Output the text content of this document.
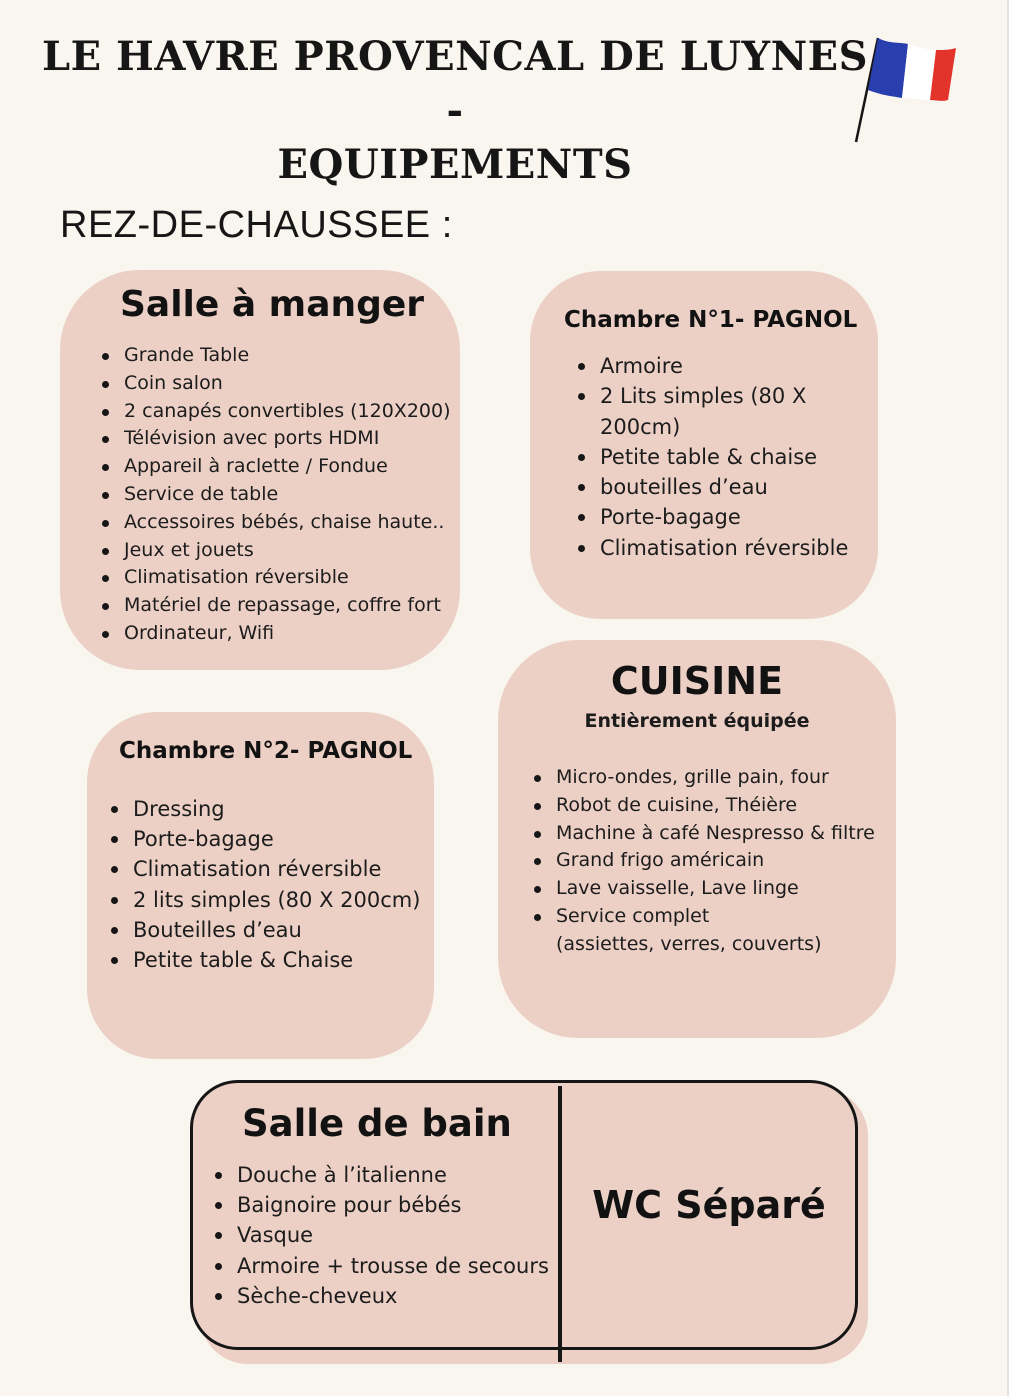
LE HAVRE PROVENCAL DE LUYNES -
EQUIPEMENTS
REZ-DE-CHAUSSEE :
Salle à manger
Grande Table
Coin salon
2 canapés convertibles (120X200)
Télévision avec ports HDMI
Appareil à raclette / Fondue
Service de table
Accessoires bébés, chaise haute..
Jeux et jouets
Climatisation réversible
Matériel de repassage, coffre fort
Ordinateur, Wifi
Chambre N°1- PAGNOL
Armoire
2 Lits simples (80 X 200cm)
Petite table & chaise
bouteilles d’eau
Porte-bagage
Climatisation réversible
CUISINE
Entièrement équipée
Micro-ondes, grille pain, four
Robot de cuisine, Théière
Machine à café Nespresso & filtre
Grand frigo américain
Lave vaisselle, Lave linge
Service complet
(assiettes, verres, couverts)
Chambre N°2- PAGNOL
Dressing
Porte-bagage
Climatisation réversible
2 lits simples (80 X 200cm)
Bouteilles d’eau
Petite table & Chaise
Salle de bain
Douche à l’italienne
Baignoire pour bébés
Vasque
Armoire + trousse de secours
Sèche-cheveux
WC Séparé
